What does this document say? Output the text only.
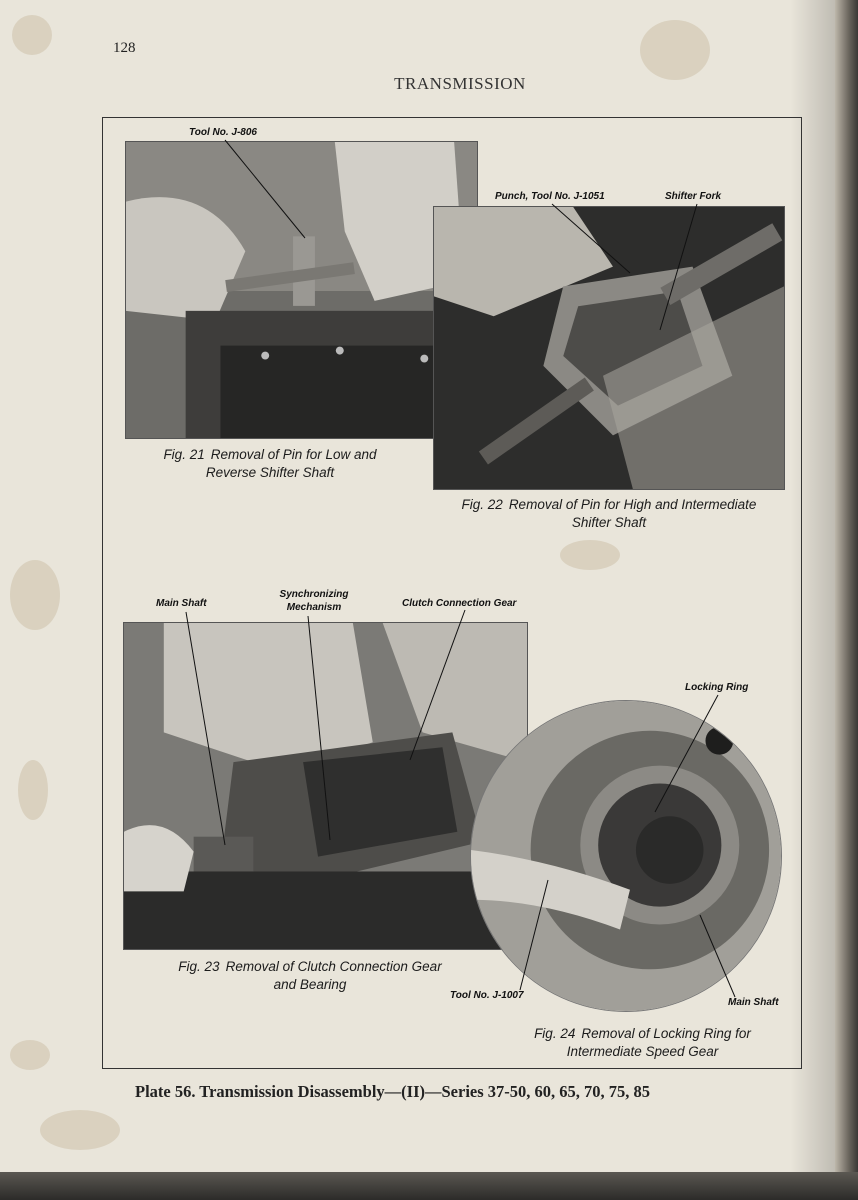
128
TRANSMISSION
Tool No. J-806
Punch, Tool No. J-1051	Shifter Fork
Main Shaft
Synchronizing
Mechanism	Clutch Connection Gear
Locking Ring
Tool No. J-1007
Main Shaft
Fig. 21 Removal of Pin for Low and
Reverse Shifter Shaft
Fig. 22 Removal of Pin for High and Intermediate
Shifter Shaft
Fig. 23 Removal of Clutch Connection Gear
and Bearing
Fig. 24 Removal of Locking Ring for
Intermediate Speed Gear
Plate 56. Transmission Disassembly—(II)—Series 37-50, 60, 65, 70, 75, 85
